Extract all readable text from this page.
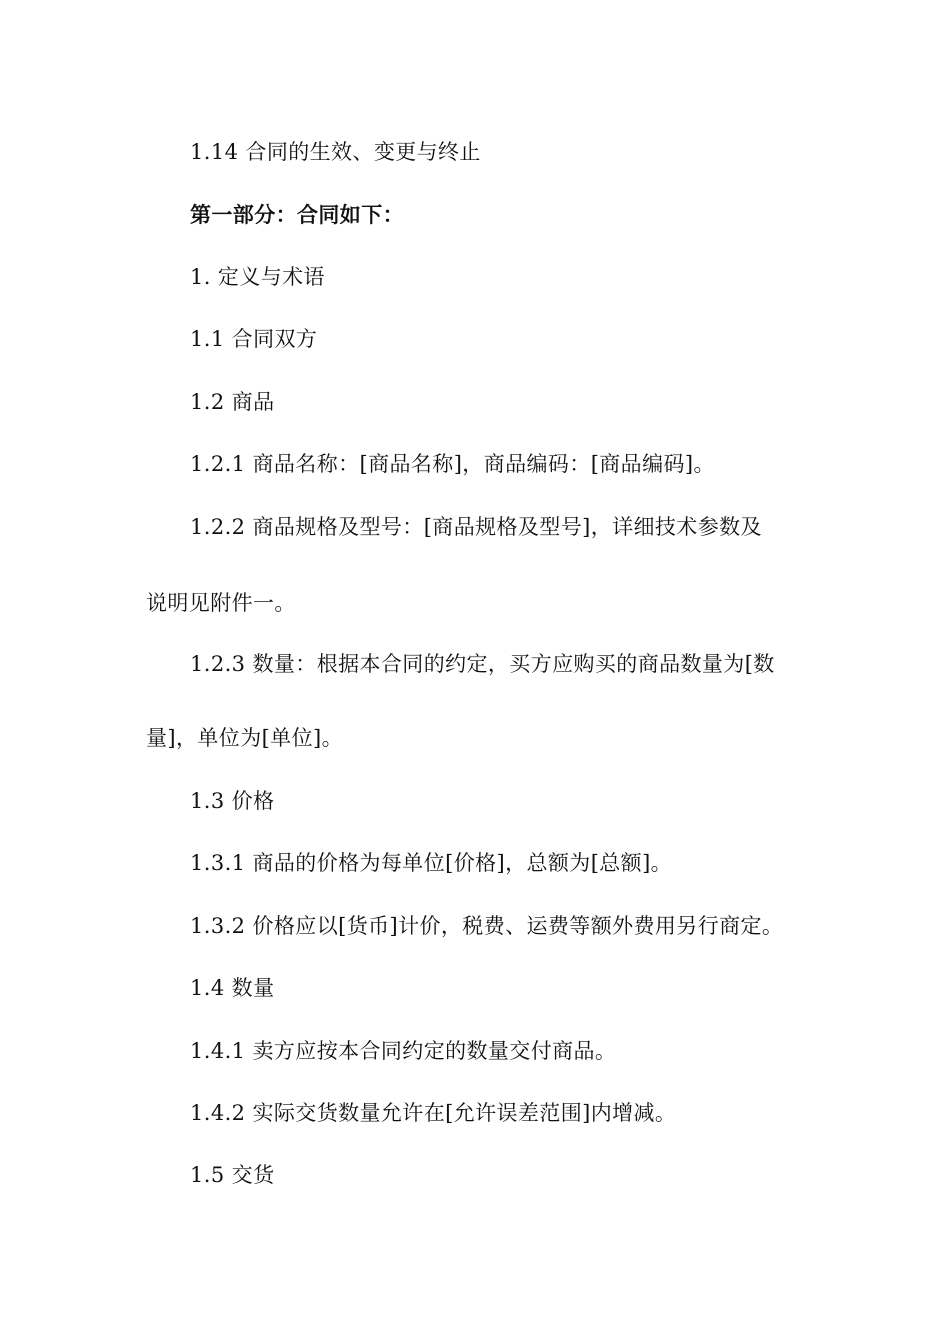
1.14 合同的生效、变更与终止
第一部分：合同如下：
1. 定义与术语
1.1 合同双方
1.2 商品
1.2.1 商品名称：[商品名称]，商品编码：[商品编码]。
1.2.2 商品规格及型号：[商品规格及型号]，详细技术参数及
说明见附件一。
1.2.3 数量：根据本合同的约定，买方应购买的商品数量为[数
量]，单位为[单位]。
1.3 价格
1.3.1 商品的价格为每单位[价格]，总额为[总额]。
1.3.2 价格应以[货币]计价，税费、运费等额外费用另行商定。
1.4 数量
1.4.1 卖方应按本合同约定的数量交付商品。
1.4.2 实际交货数量允许在[允许误差范围]内增减。
1.5 交货
